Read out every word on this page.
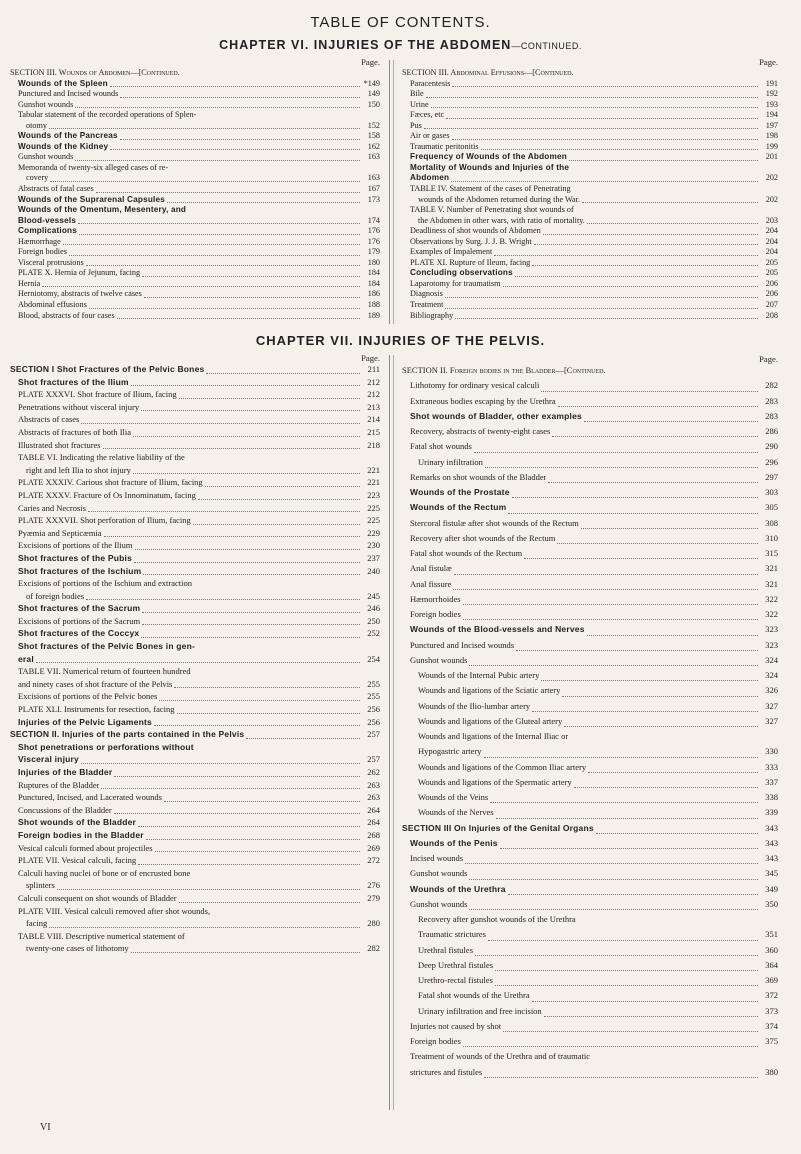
TABLE OF CONTENTS.
CHAPTER VI. INJURIES OF THE ABDOMEN—CONTINUED.
Page.
SECTION III. Wounds of Abdomen—[Continued.
Wounds of the Spleen	*149
Punctured and Incised wounds	149
Gunshot wounds	150
Tabular statement of the recorded operations of Splen-
otomy	152
Wounds of the Pancreas	158
Wounds of the Kidney	162
Gunshot wounds	163
Memoranda of twenty-six alleged cases of re-
covery	163
Abstracts of fatal cases	167
Wounds of the Suprarenal Capsules	173
Wounds of the Omentum, Mesentery, and
Blood-vessels	174
Complications	176
Hæmorrhage	176
Foreign bodies	179
Visceral protrusions	180
PLATE X. Hernia of Jejunum, facing	184
Hernia	184
Herniotomy, abstracts of twelve cases	186
Abdominal effusions	188
Blood, abstracts of four cases	189
Page.
SECTION III. Abdominal Effusions—[Continued.
Paracentesis	191
Bile	192
Urine	193
Fæces, etc	194
Pus	197
Air or gases	198
Traumatic peritonitis	199
Frequency of Wounds of the Abdomen	201
Mortality of Wounds and Injuries of the
Abdomen	202
TABLE IV. Statement of the cases of Penetrating
wounds of the Abdomen returned during the War.	202
TABLE V. Number of Penetrating shot wounds of
the Abdomen in other wars, with ratio of mortality.	203
Deadliness of shot wounds of Abdomen	204
Observations by Surg. J. J. B. Wright	204
Examples of Impalement	204
PLATE XI. Rupture of Ileum, facing	205
Concluding observations	205
Laparotomy for traumatism	206
Diagnosis	206
Treatment	207
Bibliography	208
CHAPTER VII. INJURIES OF THE PELVIS.
Page.
SECTION I Shot Fractures of the Pelvic Bones	211
Shot fractures of the Ilium	212
PLATE XXXVI. Shot fracture of Ilium, facing	212
Penetrations without visceral injury	213
Abstracts of cases	214
Abstracts of fractures of both Ilia	215
Illustrated shot fractures	218
TABLE VI. Indicating the relative liability of the
right and left Ilia to shot injury	221
PLATE XXXIV. Carious shot fracture of Ilium, facing	221
PLATE XXXV. Fracture of Os Innominatum, facing	223
Caries and Necrosis	225
PLATE XXXVII. Shot perforation of Ilium, facing	225
Pyæmia and Septicæmia	229
Excisions of portions of the Ilium	230
Shot fractures of the Pubis	237
Shot fractures of the Ischium	240
Excisions of portions of the Ischium and extraction
of foreign bodies	245
Shot fractures of the Sacrum	246
Excisions of portions of the Sacrum	250
Shot fractures of the Coccyx	252
Shot fractures of the Pelvic Bones in gen-
eral	254
TABLE VII. Numerical return of fourteen hundred
and ninety cases of shot fracture of the Pelvis	255
Excisions of portions of the Pelvic bones	255
PLATE XLI. Instruments for resection, facing	256
Injuries of the Pelvic Ligaments	256
SECTION II. Injuries of the parts contained in the Pelvis	257
Shot penetrations or perforations without
Visceral injury	257
Injuries of the Bladder	262
Ruptures of the Bladder	263
Punctured, Incised, and Lacerated wounds	263
Concussions of the Bladder	264
Shot wounds of the Bladder	264
Foreign bodies in the Bladder	268
Vesical calculi formed about projectiles	269
PLATE VII. Vesical calculi, facing	272
Calculi having nuclei of bone or of encrusted bone
splinters	276
Calculi consequent on shot wounds of Bladder	279
PLATE VIII. Vesical calculi removed after shot wounds,
facing	280
TABLE VIII. Descriptive numerical statement of
twenty-one cases of lithotomy	282
Page.
SECTION II. Foreign bodies in the Bladder—[Continued.
Lithotomy for ordinary vesical calculi	282
Extraneous bodies escaping by the Urethra	283
Shot wounds of Bladder, other examples	283
Recovery, abstracts of twenty-eight cases	286
Fatal shot wounds	290
Urinary infiltration	296
Remarks on shot wounds of the Bladder	297
Wounds of the Prostate	303
Wounds of the Rectum	305
Stercoral fistulæ after shot wounds of the Rectum	308
Recovery after shot wounds of the Rectum	310
Fatal shot wounds of the Rectum	315
Anal fistulæ	321
Anal fissure	321
Hæmorrhoides	322
Foreign bodies	322
Wounds of the Blood-vessels and Nerves	323
Punctured and Incised wounds	323
Gunshot wounds	324
Wounds of the Internal Pubic artery	324
Wounds and ligations of the Sciatic artery	326
Wounds of the Ilio-lumbar artery	327
Wounds and ligations of the Gluteal artery	327
Wounds and ligations of the Internal Iliac or
Hypogastric artery	330
Wounds and ligations of the Common Iliac artery	333
Wounds and ligations of the Spermatic artery	337
Wounds of the Veins	338
Wounds of the Nerves	339
SECTION III On Injuries of the Genital Organs	343
Wounds of the Penis	343
Incised wounds	343
Gunshot wounds	345
Wounds of the Urethra	349
Gunshot wounds	350
Recovery after gunshot wounds of the Urethra
Traumatic strictures	351
Urethral fistules	360
Deep Urethral fistules	364
Urethro-rectal fistules	369
Fatal shot wounds of the Urethra	372
Urinary infiltration and free incision	373
Injuries not caused by shot	374
Foreign bodies	375
Treatment of wounds of the Urethra and of traumatic
strictures and fistules	380
VI
